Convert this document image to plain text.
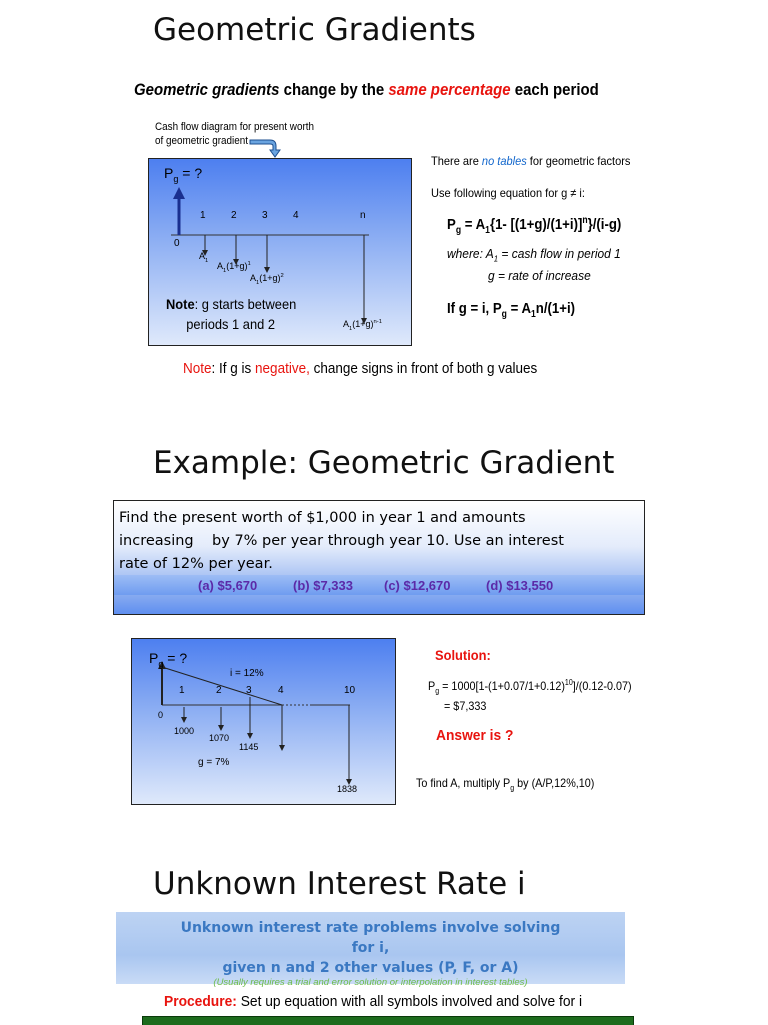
Geometric Gradients
Geometric gradients change by the same percentage each period
Cash flow diagram for present worth
of geometric gradient
$P_g$ = ?
1	2	3	4	n
0
$A_1$
$A_1(1+g)^1$
$A_1(1+g)^2$
$A_1(1+g)^{n-1}$
Note: g starts between
periods 1 and 2
There are no tables for geometric factors
Use following equation for g ≠ i:
$P_g = A_1\{1-$ $[(1+g)/(1+i)]^n\}/(i-g)$
where: $A_1$ = cash flow in period 1
g = rate of increase
If g = i, $P_g = A_1n/(1+i)$
Note: If g is negative, change signs in front of both g values
Example: Geometric Gradient
Find the present worth of $1,000 in year 1 and amounts
increasing    by 7% per year through year 10. Use an interest
rate of 12% per year.
(a) $5,670	(b) $7,333 (c) $12,670	(d) $13,550
$P_g$ = ?
i = 12%
1	2 3	4	10
0
1000
1070
1145
1838
g = 7%
Solution:
$P_g = 1000[1-(1+0.07/1+0.12)^{10}]/(0.12-0.07)$
= $7,333
Answer is ?
To find A, multiply $P_g$ by (A/P,12%,10)
Unknown Interest Rate i
Unknown interest rate problems involve solving
for i,
given n and 2 other values (P, F, or A)
(Usually requires a trial and error solution or interpolation in interest tables)
Procedure: Set up equation with all symbols involved and solve for i
